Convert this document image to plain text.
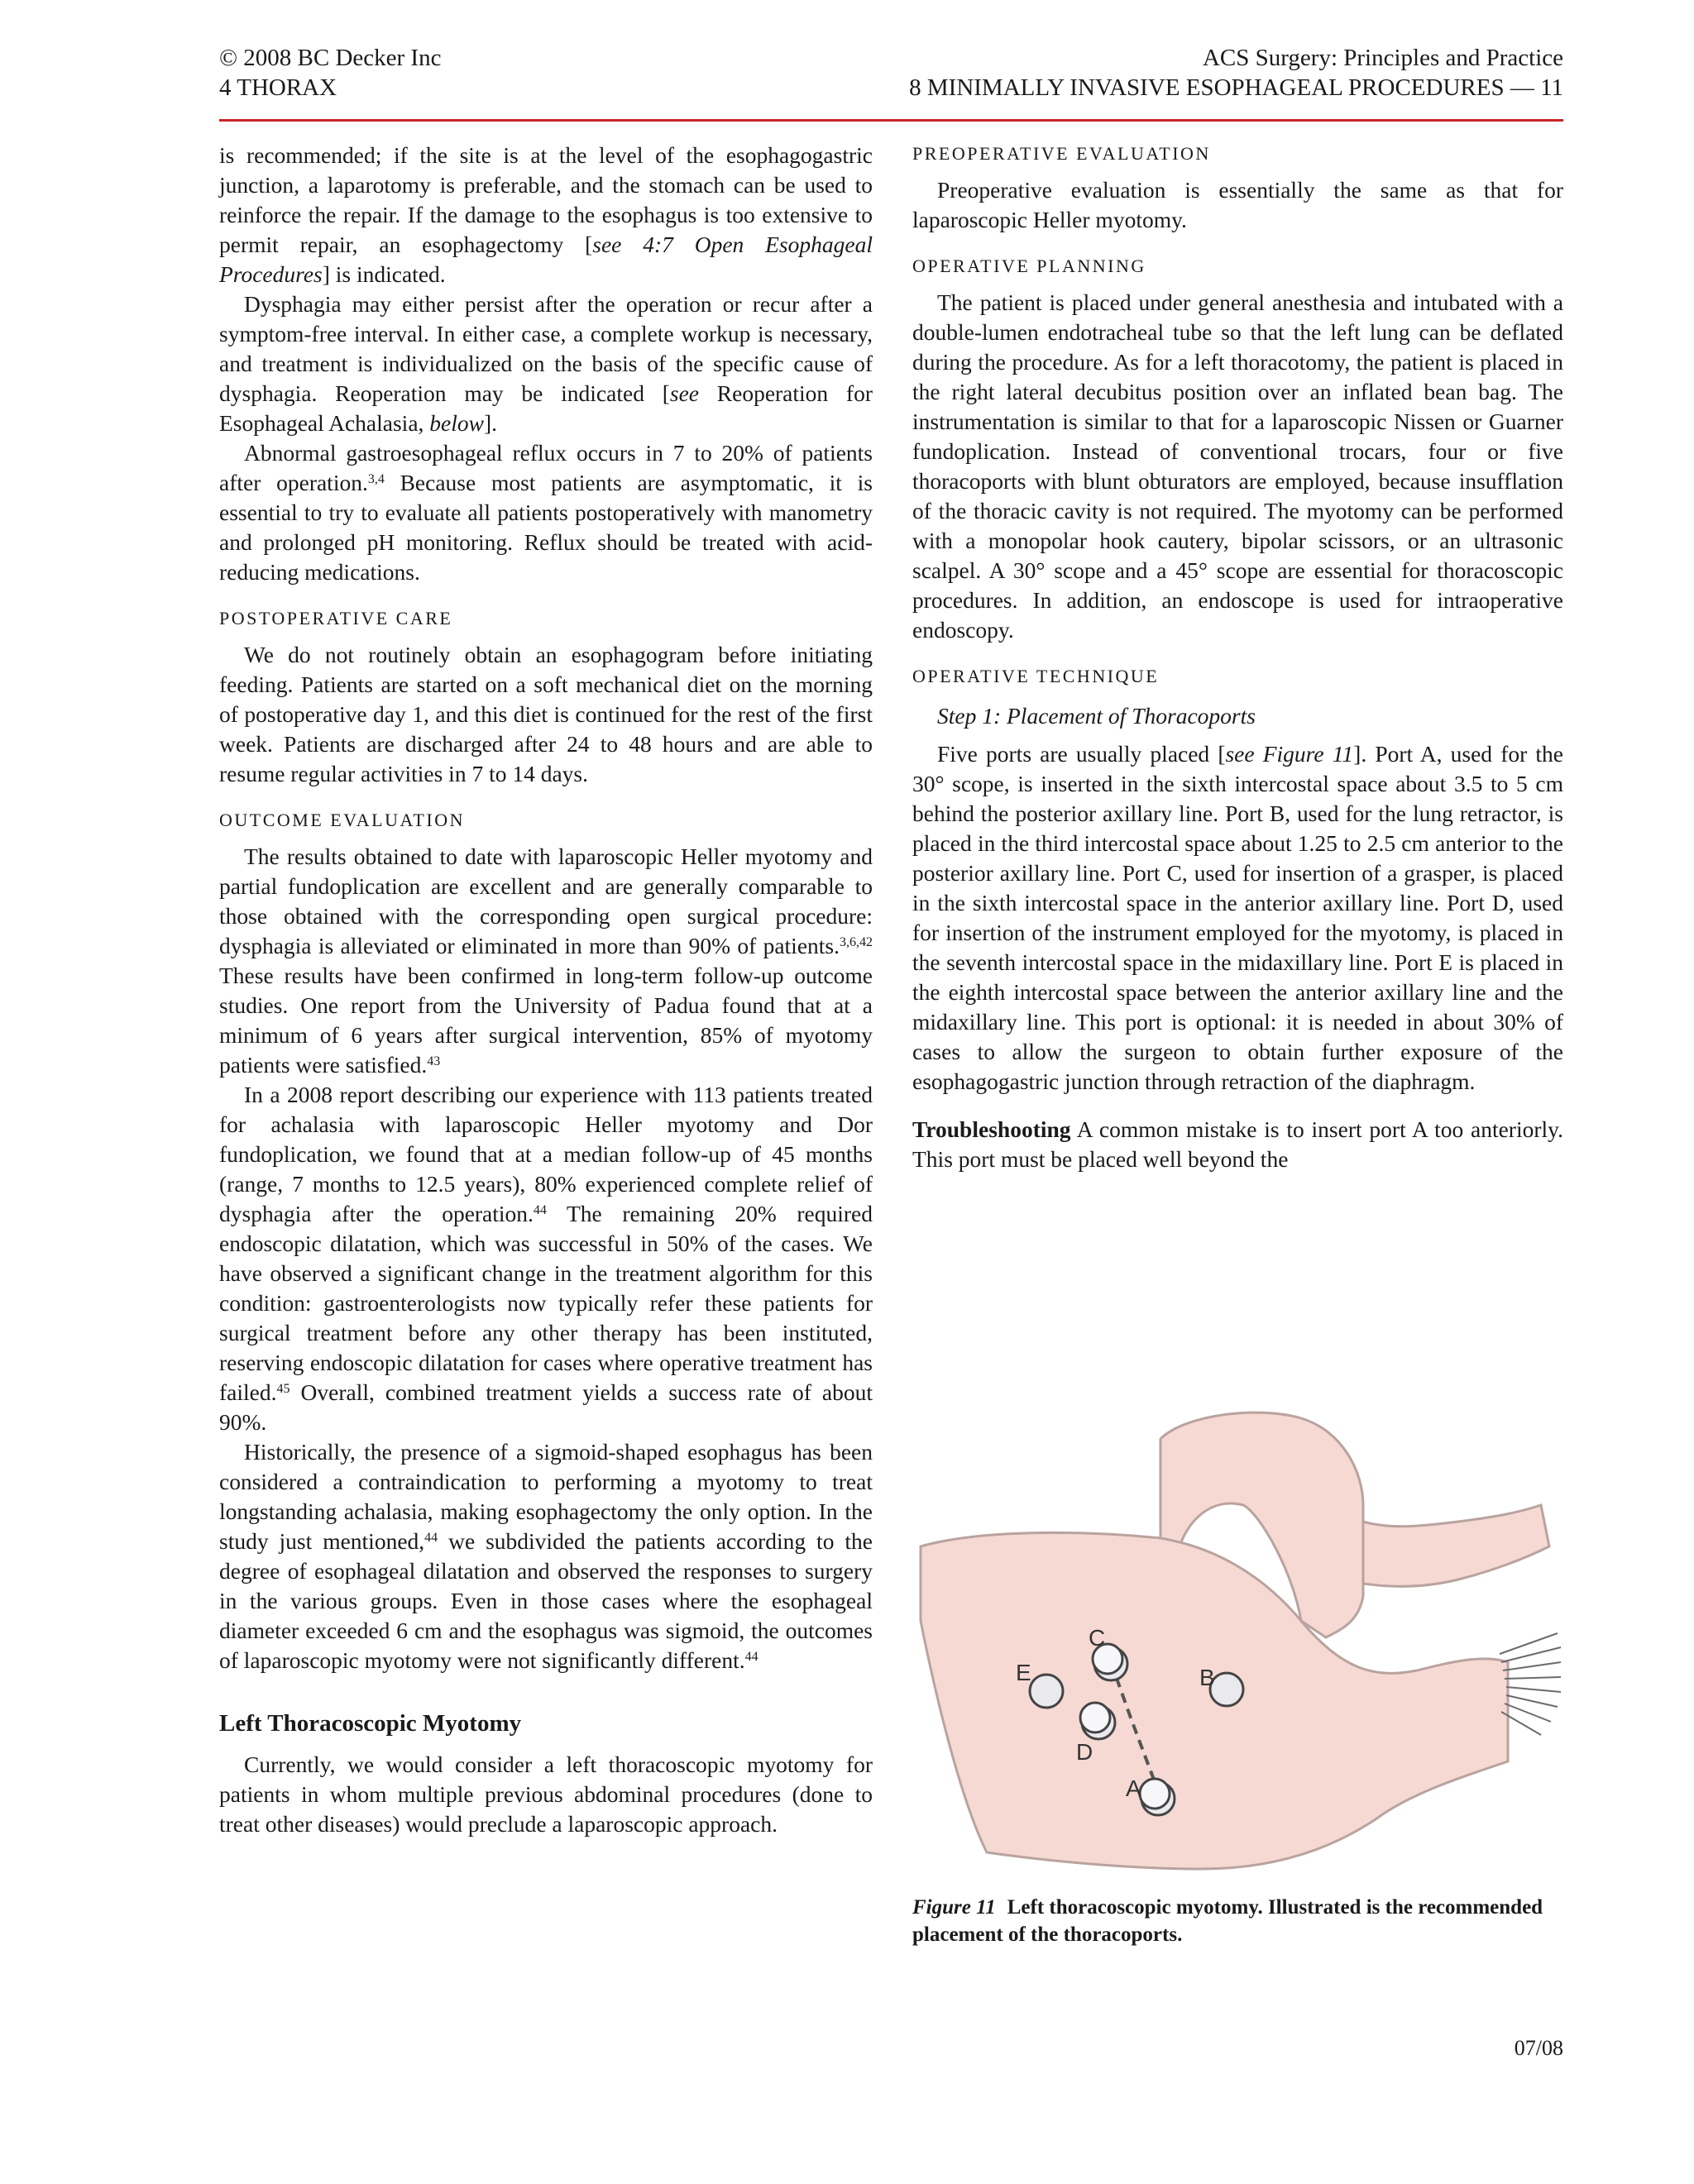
© 2008 BC Decker Inc
4 THORAX
ACS Surgery: Principles and Practice
8 MINIMALLY INVASIVE ESOPHAGEAL PROCEDURES — 11

is recommended; if the site is at the level of the esophagogastric junction, a laparotomy is preferable, and the stomach can be used to reinforce the repair. If the damage to the esophagus is too extensive to permit repair, an esophagectomy [see 4:7 Open Esophageal Procedures] is indicated.

Dysphagia may either persist after the operation or recur after a symptom-free interval. In either case, a complete workup is necessary, and treatment is individualized on the basis of the specific cause of dysphagia. Reoperation may be indicated [see Reoperation for Esophageal Achalasia, below].

Abnormal gastroesophageal reflux occurs in 7 to 20% of patients after operation.$^{3,4}$ Because most patients are asymptomatic, it is essential to try to evaluate all patients postoperatively with manometry and prolonged pH monitoring. Reflux should be treated with acid-reducing medications.

POSTOPERATIVE CARE

We do not routinely obtain an esophagogram before initiating feeding. Patients are started on a soft mechanical diet on the morning of postoperative day 1, and this diet is continued for the rest of the first week. Patients are discharged after 24 to 48 hours and are able to resume regular activities in 7 to 14 days.

OUTCOME EVALUATION

The results obtained to date with laparoscopic Heller myotomy and partial fundoplication are excellent and are generally comparable to those obtained with the corresponding open surgical procedure: dysphagia is alleviated or eliminated in more than 90% of patients.$^{3,6,42}$ These results have been confirmed in long-term follow-up outcome studies. One report from the University of Padua found that at a minimum of 6 years after surgical intervention, 85% of myotomy patients were satisfied.$^{43}$

In a 2008 report describing our experience with 113 patients treated for achalasia with laparoscopic Heller myotomy and Dor fundoplication, we found that at a median follow-up of 45 months (range, 7 months to 12.5 years), 80% experienced complete relief of dysphagia after the operation.$^{44}$ The remaining 20% required endoscopic dilatation, which was successful in 50% of the cases. We have observed a significant change in the treatment algorithm for this condition: gastroenterologists now typically refer these patients for surgical treatment before any other therapy has been instituted, reserving endoscopic dilatation for cases where operative treatment has failed.$^{45}$ Overall, combined treatment yields a success rate of about 90%.

Historically, the presence of a sigmoid-shaped esophagus has been considered a contraindication to performing a myotomy to treat longstanding achalasia, making esophagectomy the only option. In the study just mentioned,$^{44}$ we subdivided the patients according to the degree of esophageal dilatation and observed the responses to surgery in the various groups. Even in those cases where the esophageal diameter exceeded 6 cm and the esophagus was sigmoid, the outcomes of laparoscopic myotomy were not significantly different.$^{44}$

Left Thoracoscopic Myotomy

Currently, we would consider a left thoracoscopic myotomy for patients in whom multiple previous abdominal procedures (done to treat other diseases) would preclude a laparoscopic approach.

PREOPERATIVE EVALUATION

Preoperative evaluation is essentially the same as that for laparoscopic Heller myotomy.

OPERATIVE PLANNING

The patient is placed under general anesthesia and intubated with a double-lumen endotracheal tube so that the left lung can be deflated during the procedure. As for a left thoracotomy, the patient is placed in the right lateral decubitus position over an inflated bean bag. The instrumentation is similar to that for a laparoscopic Nissen or Guarner fundoplication. Instead of conventional trocars, four or five thoracoports with blunt obturators are employed, because insufflation of the thoracic cavity is not required. The myotomy can be performed with a monopolar hook cautery, bipolar scissors, or an ultrasonic scalpel. A 30° scope and a 45° scope are essential for thoracoscopic procedures. In addition, an endoscope is used for intraoperative endoscopy.

OPERATIVE TECHNIQUE

Step 1: Placement of Thoracoports

Five ports are usually placed [see Figure 11]. Port A, used for the 30° scope, is inserted in the sixth intercostal space about 3.5 to 5 cm behind the posterior axillary line. Port B, used for the lung retractor, is placed in the third intercostal space about 1.25 to 2.5 cm anterior to the posterior axillary line. Port C, used for insertion of a grasper, is placed in the sixth intercostal space in the anterior axillary line. Port D, used for insertion of the instrument employed for the myotomy, is placed in the seventh intercostal space in the midaxillary line. Port E is placed in the eighth intercostal space between the anterior axillary line and the midaxillary line. This port is optional: it is needed in about 30% of cases to allow the surgeon to obtain further exposure of the esophagogastric junction through retraction of the diaphragm.

Troubleshooting A common mistake is to insert port A too anteriorly. This port must be placed well beyond the

E
C
B
D
A
Figure 11 Left thoracoscopic myotomy. Illustrated is the recommended placement of the thoracoports.
07/08
